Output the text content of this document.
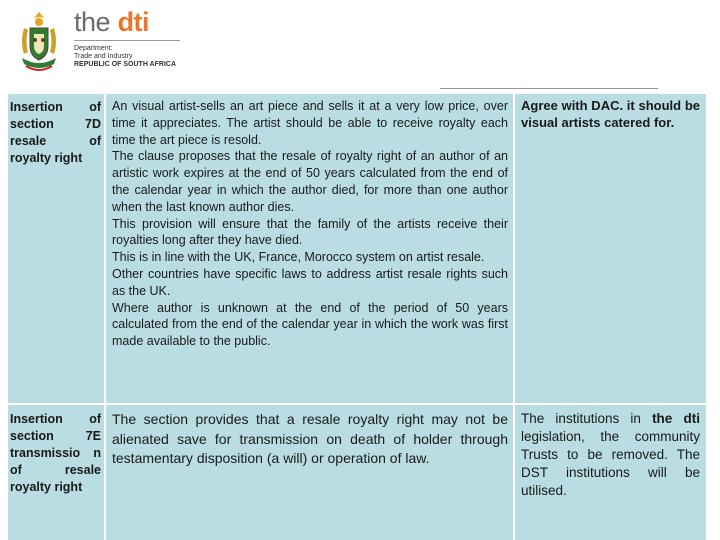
the dti
Department:
Trade and Industry
REPUBLIC OF SOUTH AFRICA
Insertion of section 7D resale of royalty right
An visual artist-sells an art piece and sells it at a very low price, over time it appreciates. The artist should be able to receive royalty each time the art piece is resold.
The clause proposes that the resale of royalty right of an author of an artistic work expires at the end of 50 years calculated from the end of the calendar year in which the author died, for more than one author when the last known author dies.
This provision will ensure that the family of the artists receive their royalties long after they have died.
This is in line with the UK, France, Morocco system on artist resale.
Other countries have specific laws to address artist resale rights such as the UK.
Where author is unknown at the end of the period of 50 years calculated from the end of the calendar year in which the work was first made available to the public.
Agree with DAC. it should be visual artists catered for.
Insertion of section 7E transmissio n of resale royalty right
The section provides that a resale royalty right may not be alienated save for transmission on death of holder through testamentary disposition (a will) or operation of law.
The institutions in the dti legislation, the community Trusts to be removed. The DST institutions will be utilised.
